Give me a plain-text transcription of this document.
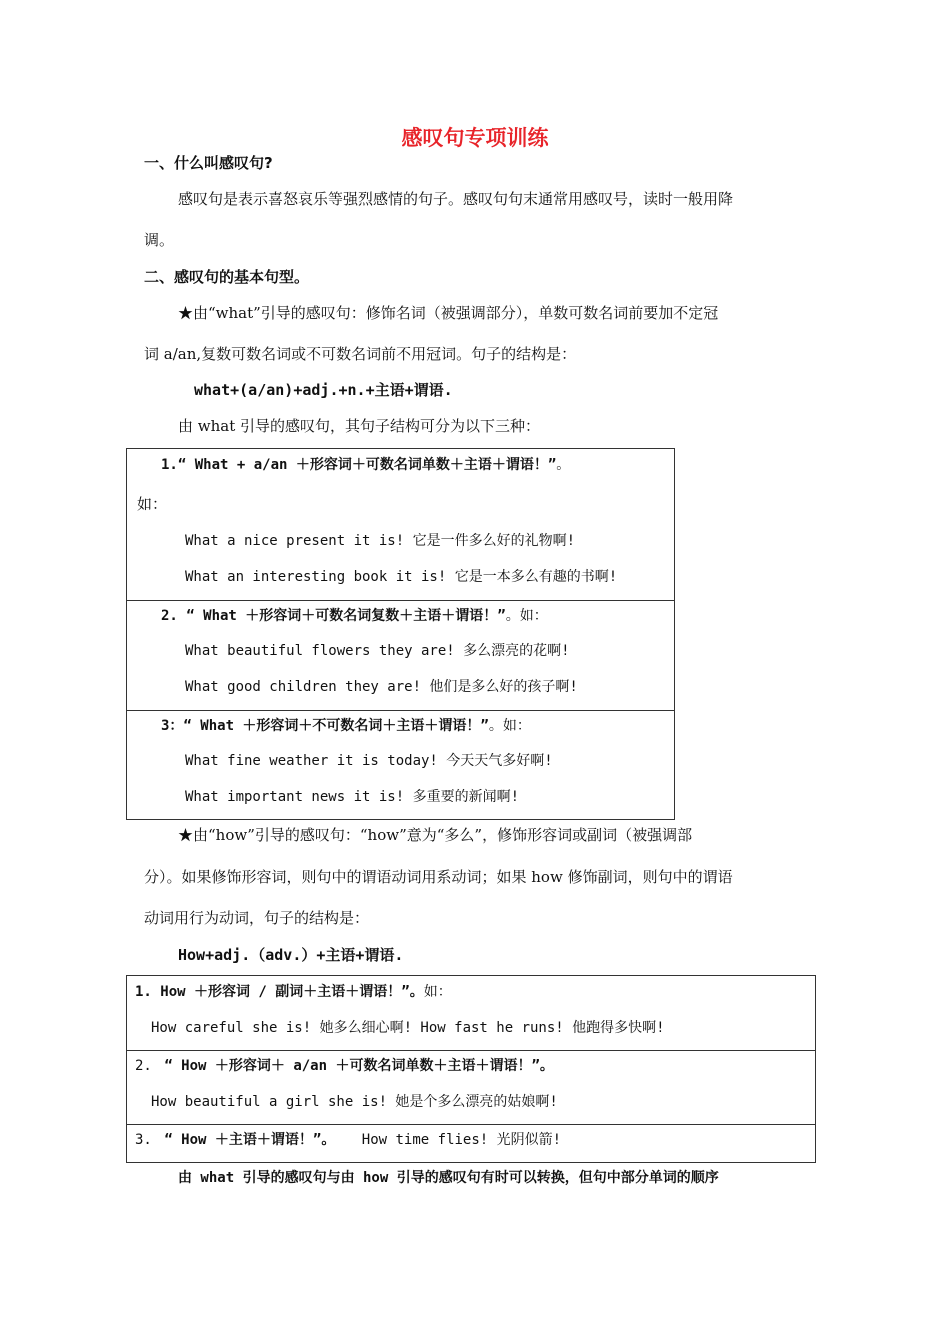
感叹句专项训练
一、什么叫感叹句?
感叹句是表示喜怒哀乐等强烈感情的句子。感叹句句末通常用感叹号，读时一般用降
调。
二、感叹句的基本句型。
★由“what”引导的感叹句：修饰名词（被强调部分），单数可数名词前要加不定冠
词 a/an,复数可数名词或不可数名词前不用冠词。句子的结构是：
what+(a/an)+adj.+n.+主语+谓语.
由 what 引导的感叹句，其句子结构可分为以下三种：
1.“ What + a/an ＋形容词＋可数名词单数＋主语＋谓语！”。
如：
What a nice present it is! 它是一件多么好的礼物啊!
What an interesting book it is! 它是一本多么有趣的书啊!
2. “ What ＋形容词＋可数名词复数＋主语＋谓语！”。如：
What beautiful flowers they are! 多么漂亮的花啊!
What good children they are! 他们是多么好的孩子啊!
3：“ What ＋形容词＋不可数名词＋主语＋谓语！”。如：
What fine weather it is today! 今天天气多好啊!
What important news it is! 多重要的新闻啊!
★由“how”引导的感叹句：“how”意为“多么”，修饰形容词或副词（被强调部
分）。如果修饰形容词，则句中的谓语动词用系动词；如果 how 修饰副词，则句中的谓语
动词用行为动词，句子的结构是：
How+adj.（adv.）+主语+谓语.
1. How ＋形容词 / 副词＋主语＋谓语！”。如：
How careful she is! 她多么细心啊! How fast he runs! 他跑得多快啊!
2. “ How ＋形容词＋ a/an ＋可数名词单数＋主语＋谓语！”。
How beautiful a girl she is! 她是个多么漂亮的姑娘啊!
3. “ How ＋主语＋谓语！”。 How time flies! 光阴似箭!
由 what 引导的感叹句与由 how 引导的感叹句有时可以转换，但句中部分单词的顺序
